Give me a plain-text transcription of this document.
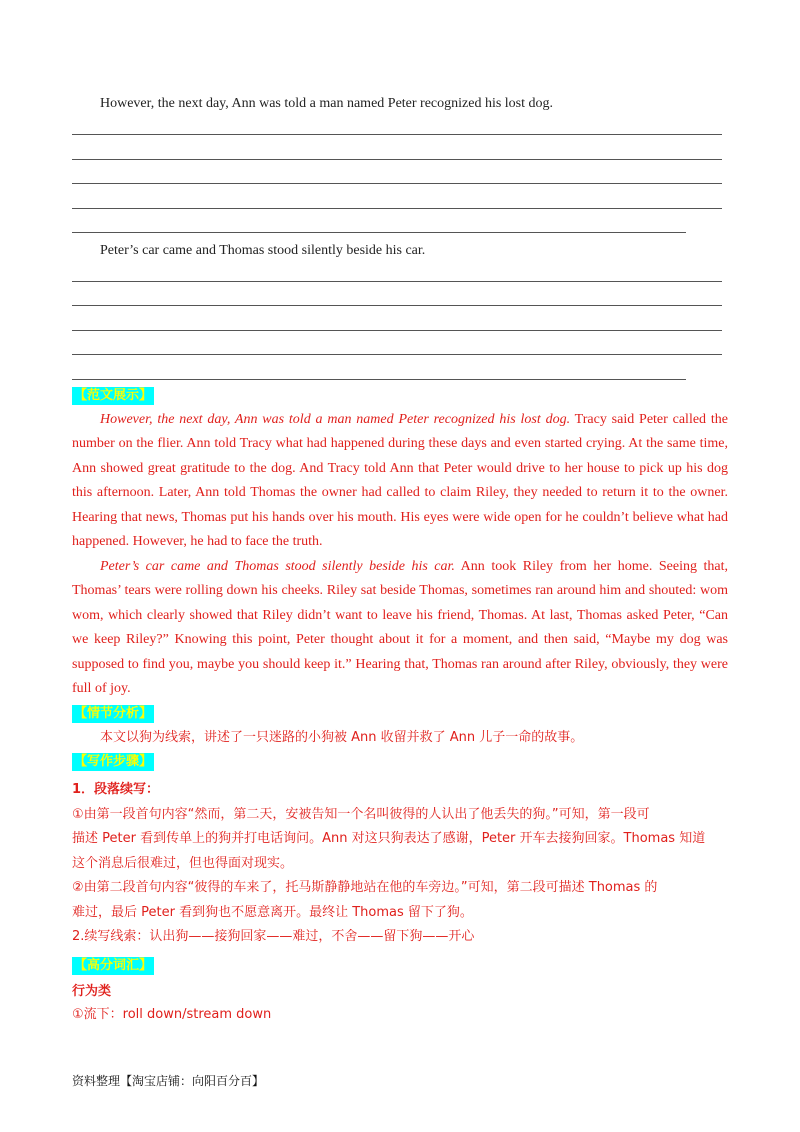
However, the next day, Ann was told a man named Peter recognized his lost dog.
Peter’s car came and Thomas stood silently beside his car.
【范文展示】
However, the next day, Ann was told a man named Peter recognized his lost dog. Tracy said Peter called the number on the flier. Ann told Tracy what had happened during these days and even started crying. At the same time, Ann showed great gratitude to the dog. And Tracy told Ann that Peter would drive to her house to pick up his dog this afternoon. Later, Ann told Thomas the owner had called to claim Riley, they needed to return it to the owner. Hearing that news, Thomas put his hands over his mouth. His eyes were wide open for he couldn’t believe what had happened. However, he had to face the truth.
Peter’s car came and Thomas stood silently beside his car. Ann took Riley from her home. Seeing that, Thomas’ tears were rolling down his cheeks. Riley sat beside Thomas, sometimes ran around him and shouted: wom wom, which clearly showed that Riley didn’t want to leave his friend, Thomas. At last, Thomas asked Peter, “Can we keep Riley?” Knowing this point, Peter thought about it for a moment, and then said, “Maybe my dog was supposed to find you, maybe you should keep it.” Hearing that, Thomas ran around after Riley, obviously, they were full of joy.
【情节分析】
本文以狗为线索，讲述了一只迷路的小狗被 Ann 收留并救了 Ann 儿子一命的故事。
【写作步骤】
1．段落续写：
①由第一段首句内容“然而，第二天，安被告知一个名叫彼得的人认出了他丢失的狗。”可知，第一段可
描述 Peter 看到传单上的狗并打电话询问。Ann 对这只狗表达了感谢，Peter 开车去接狗回家。Thomas 知道
这个消息后很难过，但也得面对现实。
②由第二段首句内容“彼得的车来了，托马斯静静地站在他的车旁边。”可知，第二段可描述 Thomas 的
难过，最后 Peter 看到狗也不愿意离开。最终让 Thomas 留下了狗。
2.续写线索：认出狗——接狗回家——难过，不舍——留下狗——开心
【高分词汇】
行为类
①流下：roll down/stream down
资料整理【淘宝店铺：向阳百分百】
